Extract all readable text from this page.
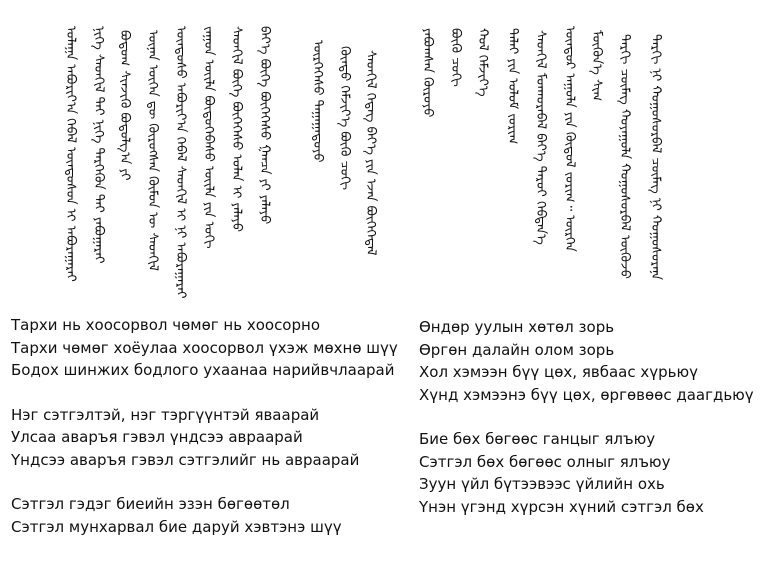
ᠲᠠᠷᠬᠢ ᠨᠢ ᠬᠣᠭᠣᠰᠣᠷᠪᠠᠯ ᠴᠦᠮᠡᠭ ᠨᠢ ᠬᠣᠭᠣᠰᠣᠷᠠᠨᠠ
ᠲᠠᠷᠬᠢ ᠴᠦᠮᠡᠭ ᠬᠣᠶᠠᠭᠤᠯᠠ ᠬᠣᠭᠣᠰᠣᠷᠪᠠᠯ ᠦᠬᠦᠵᠦ
ᠮᠥᠬᠥᠨ᠎ᠡ ᠰᠢᠭ᠋
ᠥᠨᠳᠥᠷ ᠠᠭᠤᠯᠠ ᠶᠢᠨ ᠬᠥᠲᠥᠯ ᠵᠣᠷᠢᠭ᠃ ᠥᠷᠭᠡᠨ
ᠳᠠᠯᠠᠢ ᠶᠢᠨ ᠣᠯᠤᠮ ᠵᠣᠷᠢᠭ
ᠬᠣᠯ ᠬᠡᠮᠵᠢᠶ᠎ᠡ
ᠪᠦᠭᠦ ᠴᠣᠬᠢ
ᠶᠠᠪᠤᠭᠰᠠᠨ ᠬᠦᠷᠦᠶᠦ
ᠬᠦᠨᠳᠦ ᠬᠡᠮᠵᠢᠶ᠎ᠡ ᠪᠦᠭᠦ ᠴᠣᠬᠢ
ᠥᠷᠭᠡᠭᠡᠰᠦ ᠳᠠᠭᠠᠭᠠᠳᠦᠶᠦ
ᠪᠡᠶ᠎ᠡ ᠪᠥᠬᠡ ᠪᠥᠭᠡᠭᠡᠰᠦ ᠭᠠᠨᠴᠠ ᠶᠢ ᠶᠠᠯᠠᠶᠤ
ᠰᠡᠳᠬᠢᠯ ᠪᠥᠬᠡ ᠪᠥᠭᠡᠭᠡᠰᠦ ᠣᠯᠠᠨ ᠢ ᠶᠠᠯᠠᠶᠤ
ᠵᠠᠭᠤᠨ ᠦᠢᠯᠡ ᠪᠦᠲᠦᠭᠡᠪᠡᠰᠦ ᠦᠢᠯᠡ ᠶᠢᠨ ᠣᠬᠢ
ᠦᠨᠡᠨ ᠦᠭᠡᠨ ᠳᠦ ᠬᠦᠷᠦᠭᠰᠡᠨ ᠬᠦᠮᠦᠨ ᠦ ᠰᠡᠳᠬᠢᠯ
ᠪᠣᠳᠣᠬ ᠰᠢᠨᠵᠢᠬᠦ ᠪᠣᠳᠣᠯᠭ᠎ᠠ ᠶᠢ
ᠨᠢᠭᠡ ᠰᠡᠳᠬᠢᠯ ᠲᠡᠢ ᠨᠢᠭᠡ ᠲᠡᠷᠭᠡᠭᠦᠨ ᠲᠡᠢ ᠶᠠᠪᠤᠭᠠᠷᠠᠢ
ᠤᠯᠠᠭᠠ ᠠᠪᠤᠷᠢᠶ᠎ᠠ ᠭᠡᠪᠡᠯ ᠦᠨᠳᠦᠰᠦᠨ ᠢ ᠠᠪᠤᠷᠠᠭᠠᠷᠠᠢ	ᠦᠨᠳᠦᠰᠦ ᠠᠪᠤᠷᠢᠶ᠎ᠠ ᠭᠡᠪᠡᠯ ᠰᠡᠳᠬᠢᠯ ᠢ ᠨᠢ ᠠᠪᠤᠷᠠᠭᠠᠷᠠᠢ	ᠰᠡᠳᠬᠢᠯ ᠭᠡᠳᠡᠭ ᠪᠡᠶ᠎ᠡ ᠶᠢᠨ ᠡᠵᠡᠨ ᠪᠥᠭᠡᠭᠡᠲᠡᠯ	ᠰᠡᠳᠬᠢᠯ ᠮᠤᠨᠬᠤᠷᠠᠪᠠᠯ ᠪᠡᠶ᠎ᠡ ᠳᠠᠷᠤᠢ ᠬᠡᠪᠲᠡᠨ᠎ᠡ
Тархи нь хоосорвол чөмөг нь хоосорно
Тархи чөмөг хоёулаа хоосорвол үхэж мөхнө шүү
Бодох шинжих бодлого ухаанаа нарийвчлаарай
Нэг сэтгэлтэй, нэг тэргүүнтэй яваарай
Улсаа аваръя гэвэл үндсээ авраарай
Үндсээ аваръя гэвэл сэтгэлийг нь авраарай
Сэтгэл гэдэг биеийн эзэн бөгөөтөл
Сэтгэл мунхарвал бие даруй хэвтэнэ шүү
Өндөр уулын хөтөл зорь
Өргөн далайн олом зорь
Хол хэмээн бүү цөх, явбаас хүрьюү
Хүнд хэмээнэ бүү цөх, өргөвөөс даагдьюү
Бие бөх бөгөөс ганцыг ялъюу
Сэтгэл бөх бөгөөс олныг ялъюу
Зуун үйл бүтээвээс үйлийн охь
Үнэн үгэнд хүрсэн хүний сэтгэл бөх
